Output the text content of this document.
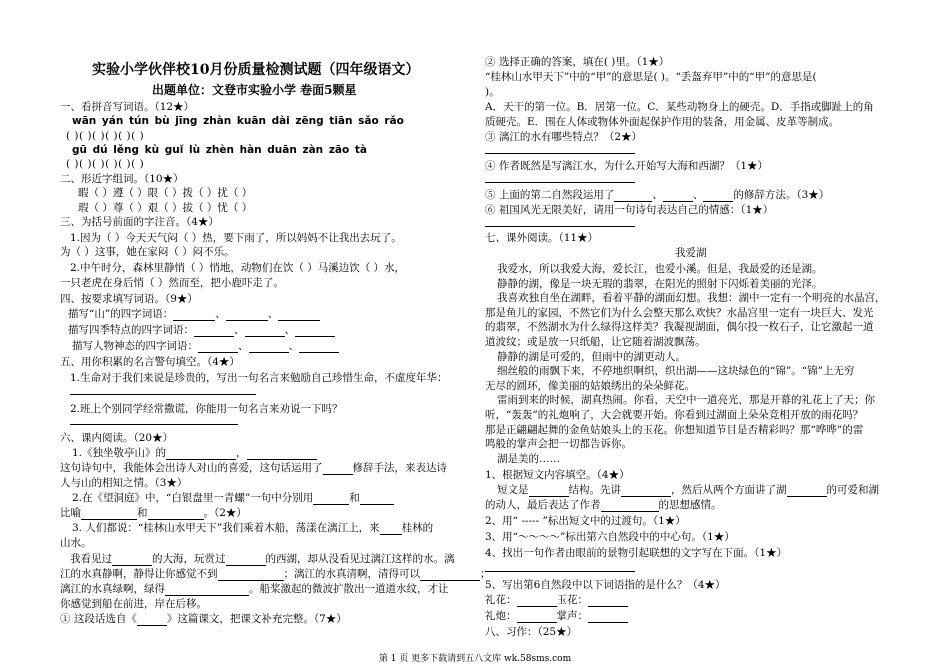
实验小学伙伴校10月份质量检测试题（四年级语文）
出题单位：文登市实验小学 卷面5颗星
一、看拼音写词语。（12★）
wān yán tún bù jīng zhàn kuān dài zēng tiān sǎo rǎo
( )( )( )( )( )( )
gū dú lěng kù guǐ lù zhèn hàn duān zàn zāo tà
( )( )( )( )( )( )
二、形近字组词。（10★）
暇（ ）遵（ ）限（ ）拨（ ）扰（ ）
瑕（ ）尊（ ）艰（ ）拔（ ）忧（ ）
三、为括号前面的字注音。（4★）
1.因为（ ）今天天气闷（ ）热，要下雨了，所以妈妈不让我出去玩了。
为（ ）这事，她在家闷（ ）闷不乐。
2.中午时分，森林里静悄（ ）悄地，动物们在饮（ ）马溪边饮（ ）水，
一只老虎在身后悄（ ）然而至，把小鹿吓走了。
四、按要求填写词语。（9★）
描写“山”的四字词语：	、	、
描写四季特点的四字词语：	、	、
描写人物神态的四字词语：	、	、
五、用你积累的名言警句填空。（4★）
1.生命对于我们来说是珍贵的，写出一句名言来勉励自己珍惜生命，不虚度年华：
2.班上个别同学经常撒谎，你能用一句名言来劝说一下吗？
六、课内阅读。（20★）
1.《独坐敬亭山》的	，
这句诗句中，我能体会出诗人对山的喜爱，这句话运用了	修辞手法，来表达诗
人与山的相知之情。（3★）
2.在《望洞庭》中，“白银盘里一青螺”一句中分别用	和
比喻	和	。（2★）
3. 人们都说：“桂林山水甲天下”我们乘着木船，荡漾在漓江上，来 桂林的
山水。
我看见过	的大海，玩赏过	的西湖，却从没看见过漓江这样的水。漓
江的水真静啊，静得让你感觉不到	；漓江的水真清啊，清得可以	；
漓江的水真绿啊，绿得	。船桨激起的微波扩散出一道道水纹，才让
你感觉到船在前进，岸在后移。
① 这段话选自《	》这篇课文，把课文补充完整。（7★）
② 选择正确的答案，填在( )里。（1★）
“桂林山水甲天下”中的“甲”的意思是( )。“丢盔弃甲”中的“甲”的意思是(
)。
A．天干的第一位。B．居第一位。C．某些动物身上的硬壳。D．手指或脚趾上的角
质硬壳。E．围在人体或物体外面起保护作用的装备，用金属、皮革等制成。
③ 漓江的水有哪些特点？（2★）
④ 作者既然是写漓江水，为什么开始写大海和西湖？（1★）
⑤ 上面的第二自然段运用了	、	、	的修辞方法。（3★）
⑥ 祖国风光无限美好，请用一句诗句表达自己的情感：（1★）
七、课外阅读。（11★）
我爱湖
我爱水，所以我爱大海，爱长江，也爱小溪。但是，我最爱的还是湖。
静静的湖，像是一块无瑕的翡翠，在阳光的照射下闪烁着美丽的光泽。
我喜欢独自坐在湖畔，看着平静的湖面幻想。我想：湖中一定有一个明亮的水晶宫，
那是鱼儿的家园，不然它们为什么会整天那么欢快？水晶宫里一定有一块巨大、发光
的翡翠，不然湖水为什么绿得这样美？我凝视湖面，偶尔投一枚石子，让它激起一道
道波纹；或是放一只纸船，让它随着湖波飘荡。
静静的湖是可爱的，但雨中的湖更动人。
细丝般的雨飘下来，不停地织啊织，织出湖——这块绿色的“锦”。“锦”上无穷
无尽的圆环，像美丽的姑娘绣出的朵朵鲜花。
雷雨到来的时候，湖真热闹。你看，天空中一道亮光，那是开幕的礼花上了天；你
听，“轰轰”的礼炮响了，大会就要开始。你看到过湖面上朵朵竞相开放的雨花吗？
那是正翩翩起舞的金鱼姑娘头上的玉花。你想知道节目是否精彩吗？那“哗哗”的雷
鸣般的掌声会把一切都告诉你。
湖是美的……
1、根据短文内容填空。（4★）
短文是	结构。先讲	，然后从两个方面讲了湖	的可爱和湖
的动人，最后表达了作者	的思想感情。
2、用“ ----- ”标出短文中的过渡句。（1★）
3、用“～～～～”标出第六自然段中的中心句。（1★）
4、找出一句作者由眼前的景物引起联想的文字写在下面。（1★）
5、写出第6自然段中以下词语指的是什么？（4★）
礼花：	玉花：
礼炮：	掌声：
八、习作：（25★）
第 1 页 更多下载请到五八文库 wk.58sms.com
